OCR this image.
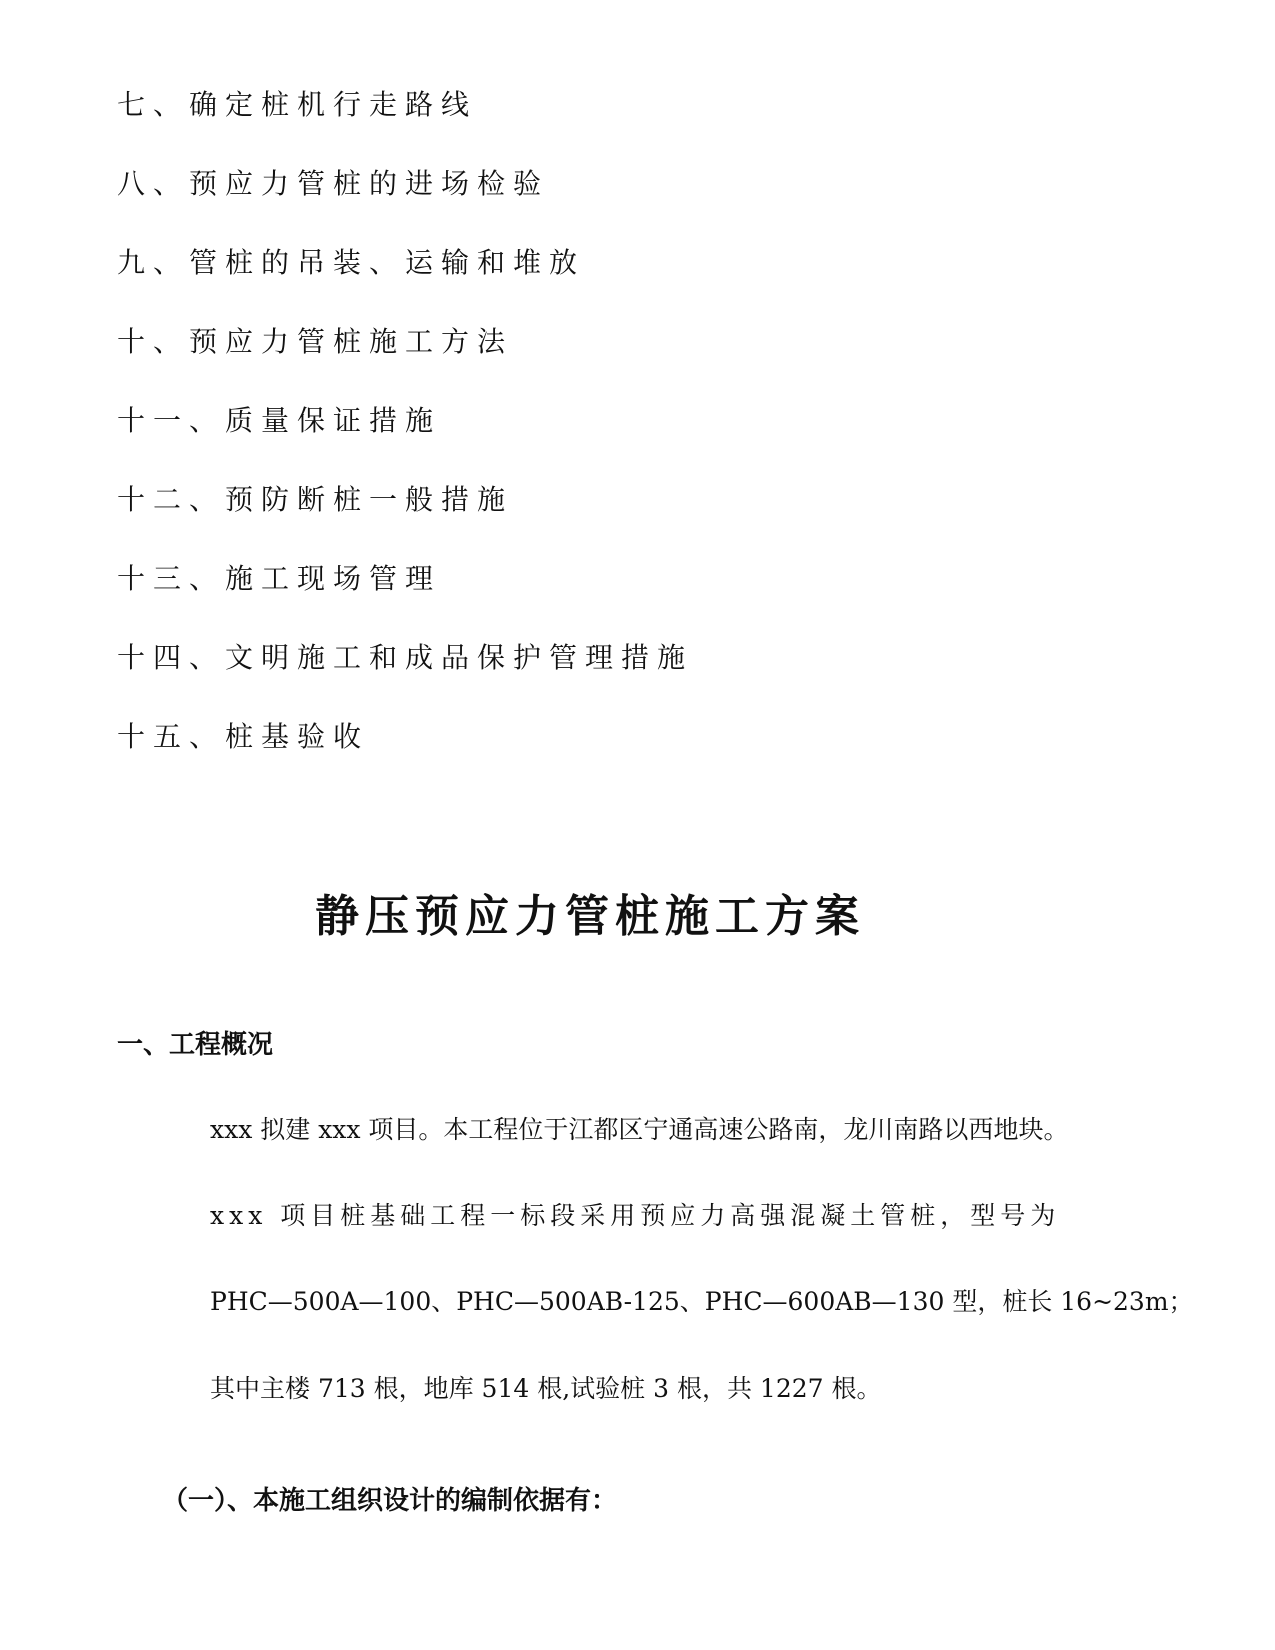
七、确定桩机行走路线
八、预应力管桩的进场检验
九、管桩的吊装、运输和堆放
十、预应力管桩施工方法
十一、质量保证措施
十二、预防断桩一般措施
十三、施工现场管理
十四、文明施工和成品保护管理措施
十五、桩基验收
静压预应力管桩施工方案
一、工程概况
xxx 拟建 xxx 项目。本工程位于江都区宁通高速公路南，龙川南路以西地块。
xxx 项目桩基础工程一标段采用预应力高强混凝土管桩，型号为
PHC—500A—100、PHC—500AB-125、PHC—600AB—130 型，桩长 16~23m；
其中主楼 713 根，地库 514 根,试验桩 3 根，共 1227 根。
（一）、本施工组织设计的编制依据有：
